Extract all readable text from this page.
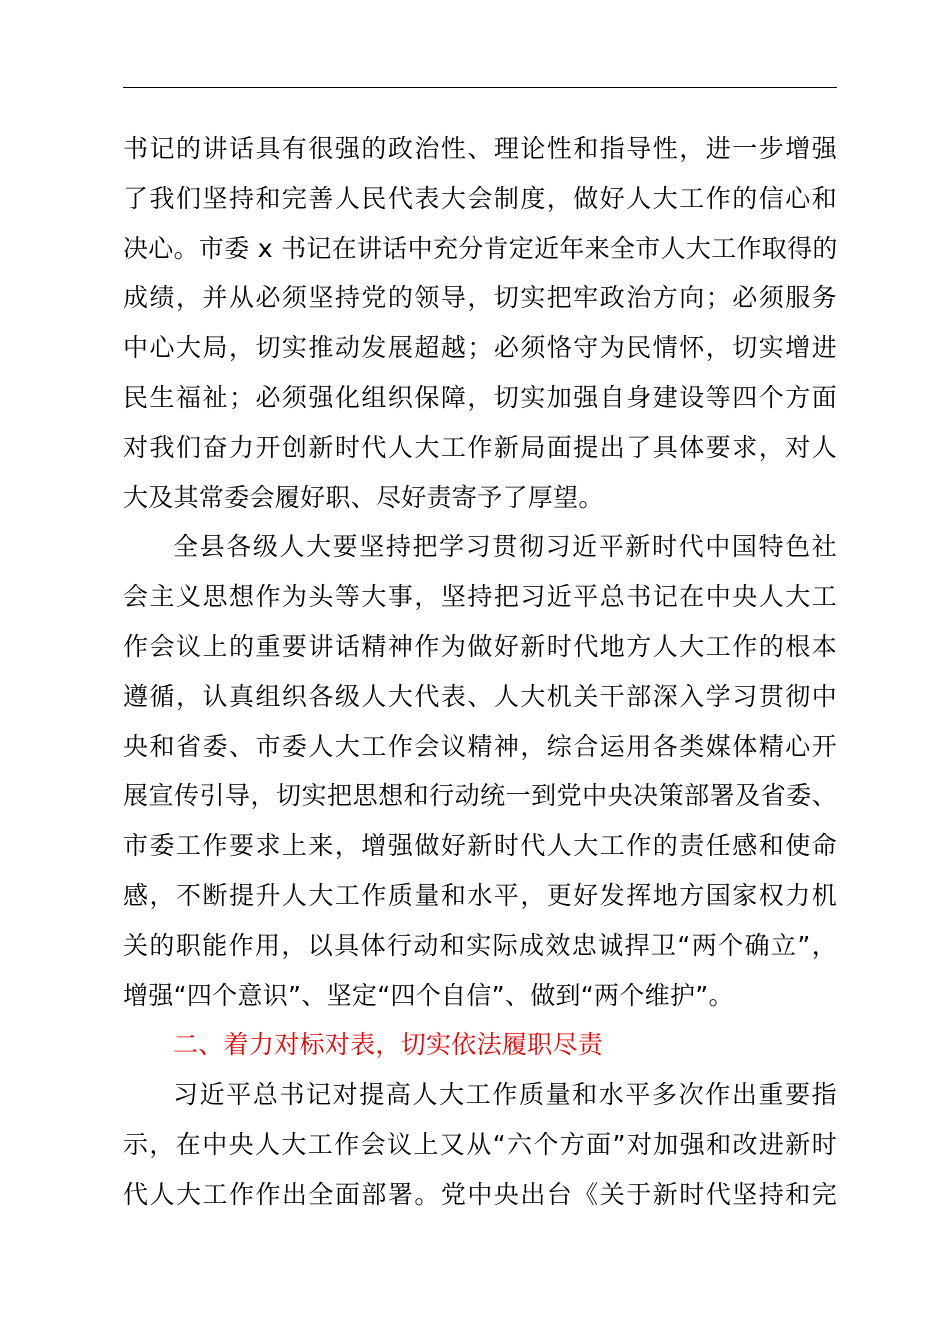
书记的讲话具有很强的政治性、理论性和指导性，进一步增强
了我们坚持和完善人民代表大会制度，做好人大工作的信心和
决心。市委 x 书记在讲话中充分肯定近年来全市人大工作取得的
成绩，并从必须坚持党的领导，切实把牢政治方向；必须服务
中心大局，切实推动发展超越；必须恪守为民情怀，切实增进
民生福祉；必须强化组织保障，切实加强自身建设等四个方面
对我们奋力开创新时代人大工作新局面提出了具体要求，对人
大及其常委会履好职、尽好责寄予了厚望。

全县各级人大要坚持把学习贯彻习近平新时代中国特色社
会主义思想作为头等大事，坚持把习近平总书记在中央人大工
作会议上的重要讲话精神作为做好新时代地方人大工作的根本
遵循，认真组织各级人大代表、人大机关干部深入学习贯彻中
央和省委、市委人大工作会议精神，综合运用各类媒体精心开
展宣传引导，切实把思想和行动统一到党中央决策部署及省委、
市委工作要求上来，增强做好新时代人大工作的责任感和使命
感，不断提升人大工作质量和水平，更好发挥地方国家权力机
关的职能作用，以具体行动和实际成效忠诚捍卫“两个确立”，
增强“四个意识”、坚定“四个自信”、做到“两个维护”。

二、着力对标对表，切实依法履职尽责

习近平总书记对提高人大工作质量和水平多次作出重要指
示，在中央人大工作会议上又从“六个方面”对加强和改进新时
代人大工作作出全面部署。党中央出台《关于新时代坚持和完
